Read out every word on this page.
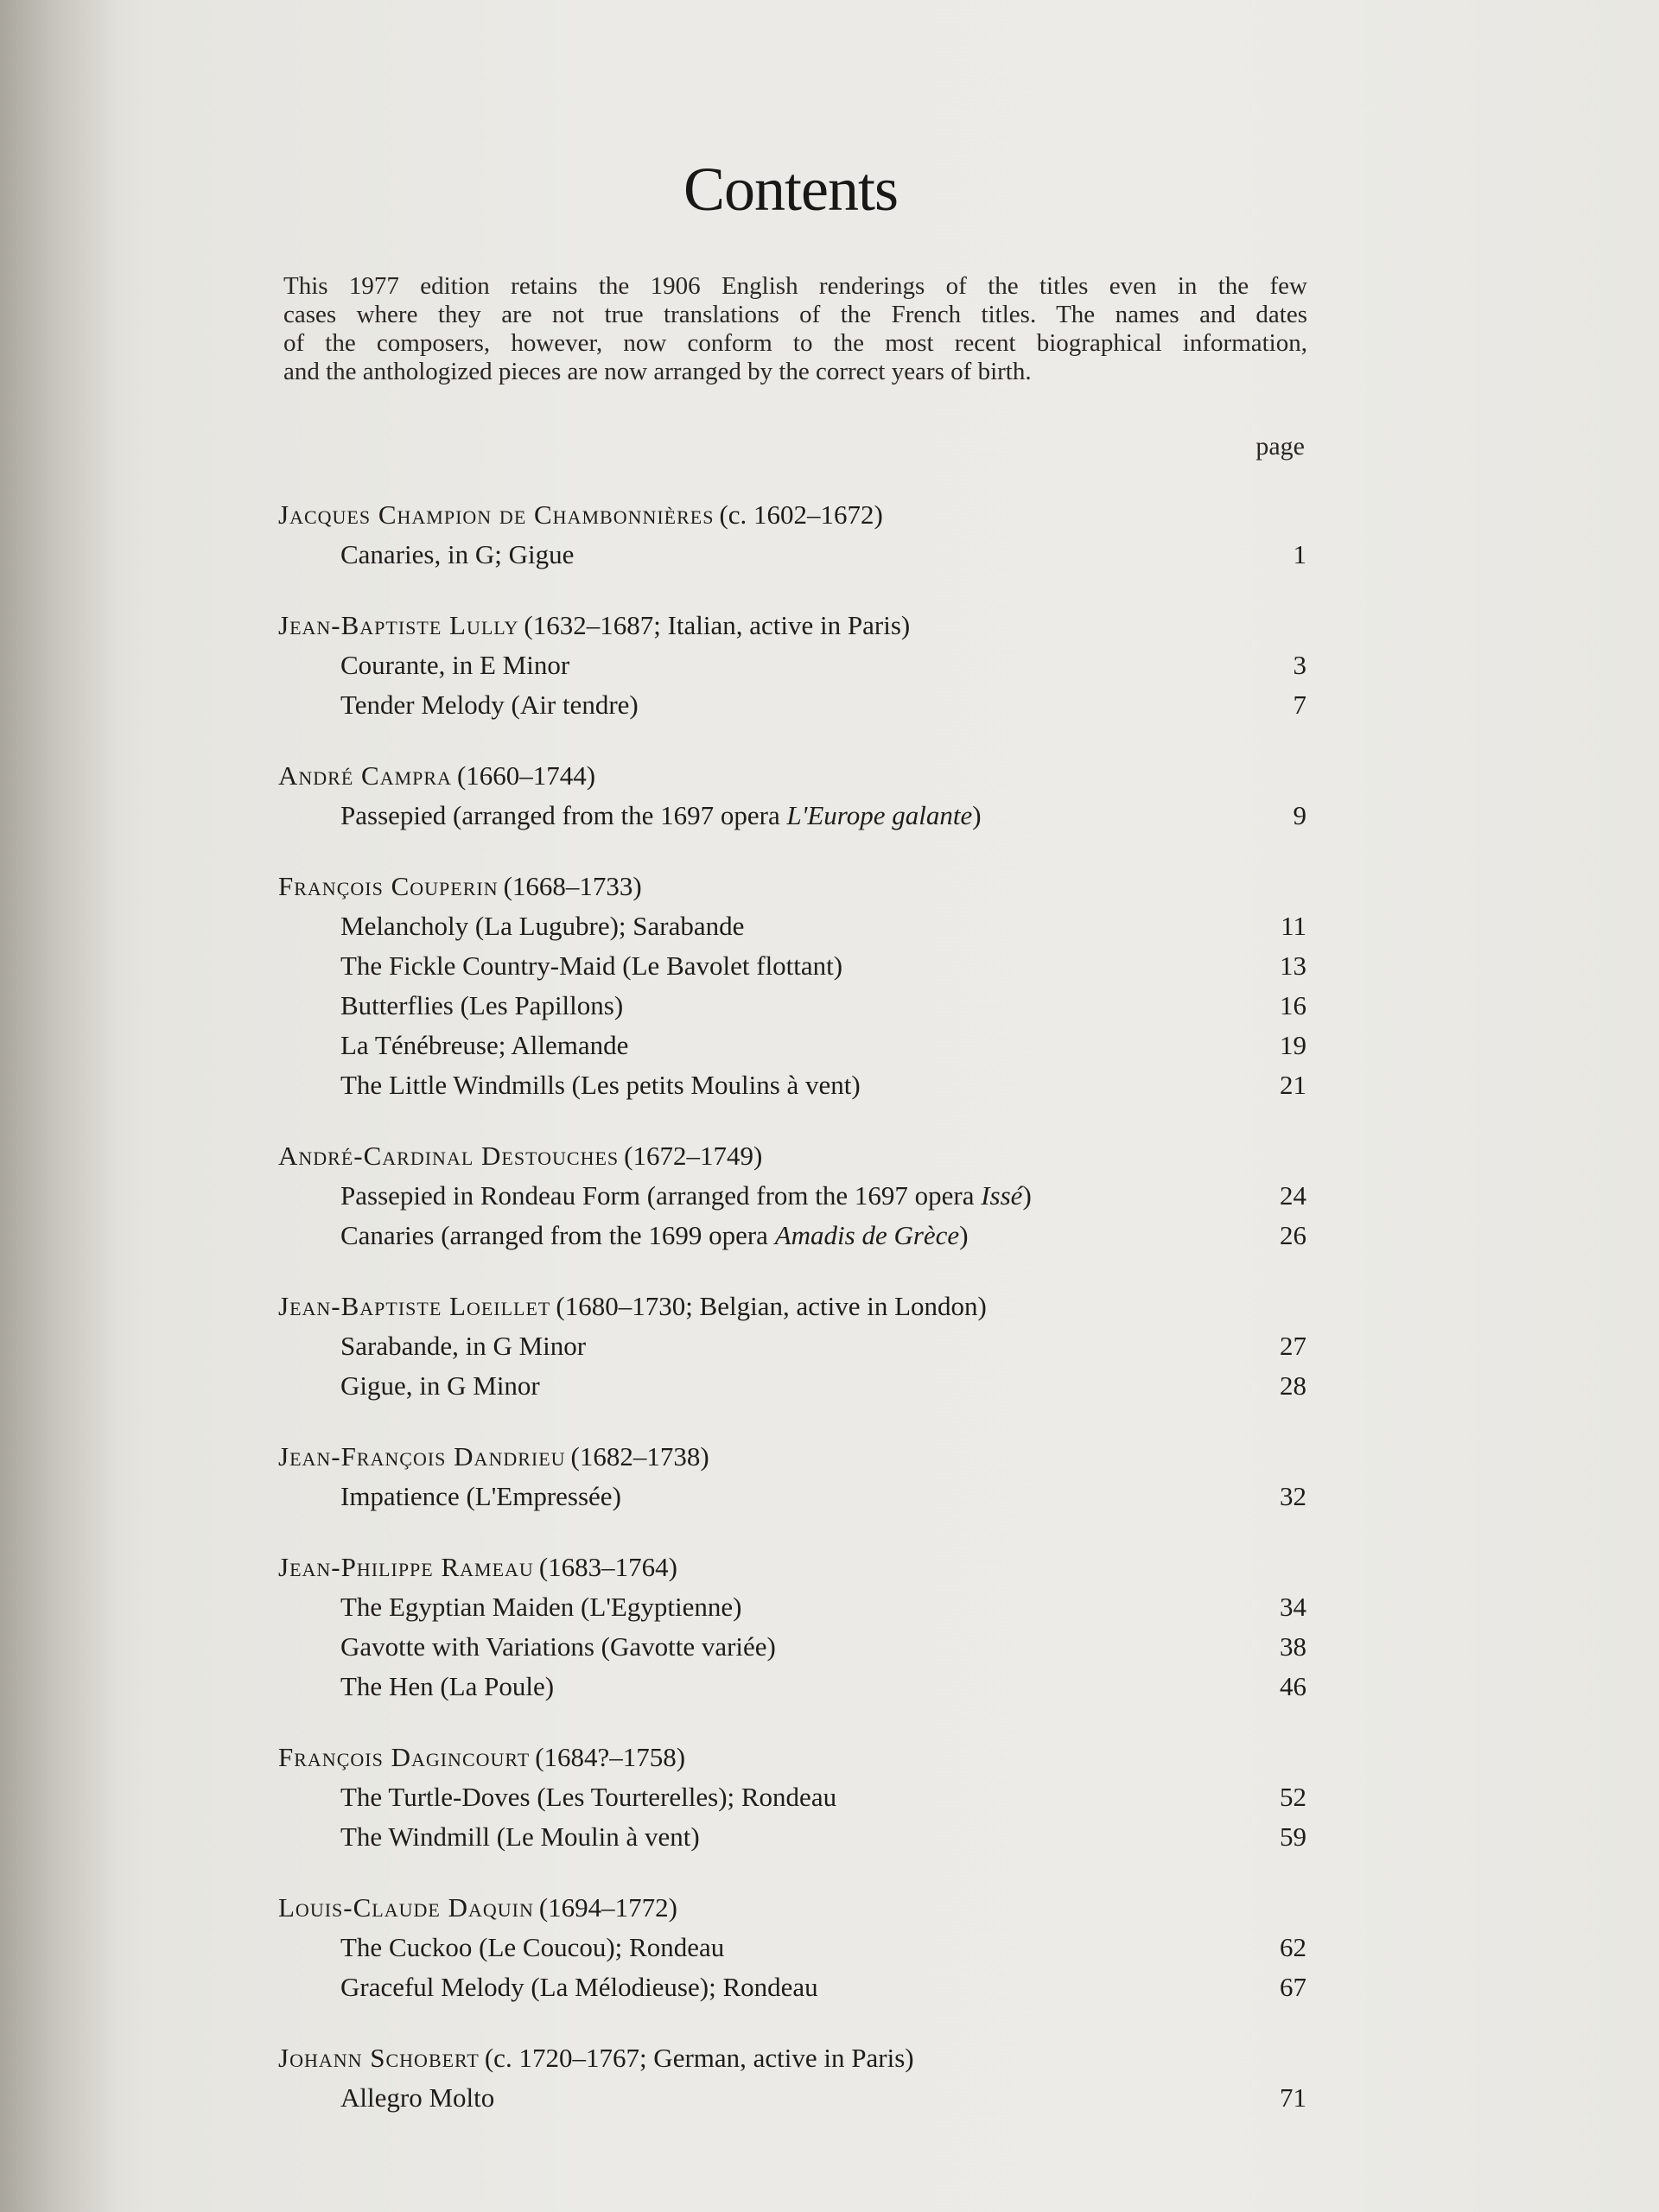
Contents
This 1977 edition retains the 1906 English renderings of the titles even in the few
cases where they are not true translations of the French titles. The names and dates
of the composers, however, now conform to the most recent biographical information,
and the anthologized pieces are now arranged by the correct years of birth.
page
Jacques Champion de Chambonnières (c. 1602–1672)
Canaries, in G; Gigue	1
Jean-Baptiste Lully (1632–1687; Italian, active in Paris)
Courante, in E Minor	3
Tender Melody (Air tendre)	7
André Campra (1660–1744)
Passepied (arranged from the 1697 opera L'Europe galante)	9
François Couperin (1668–1733)
Melancholy (La Lugubre); Sarabande	11
The Fickle Country-Maid (Le Bavolet flottant)	13
Butterflies (Les Papillons)	16
La Ténébreuse; Allemande	19
The Little Windmills (Les petits Moulins à vent)	21
André-Cardinal Destouches (1672–1749)
Passepied in Rondeau Form (arranged from the 1697 opera Issé)	24
Canaries (arranged from the 1699 opera Amadis de Grèce)	26
Jean-Baptiste Loeillet (1680–1730; Belgian, active in London)
Sarabande, in G Minor	27
Gigue, in G Minor	28
Jean-François Dandrieu (1682–1738)
Impatience (L'Empressée)	32
Jean-Philippe Rameau (1683–1764)
The Egyptian Maiden (L'Egyptienne)	34
Gavotte with Variations (Gavotte variée)	38
The Hen (La Poule)	46
François Dagincourt (1684?–1758)
The Turtle-Doves (Les Tourterelles); Rondeau	52
The Windmill (Le Moulin à vent)	59
Louis-Claude Daquin (1694–1772)
The Cuckoo (Le Coucou); Rondeau	62
Graceful Melody (La Mélodieuse); Rondeau	67
Johann Schobert (c. 1720–1767; German, active in Paris)
Allegro Molto	71
